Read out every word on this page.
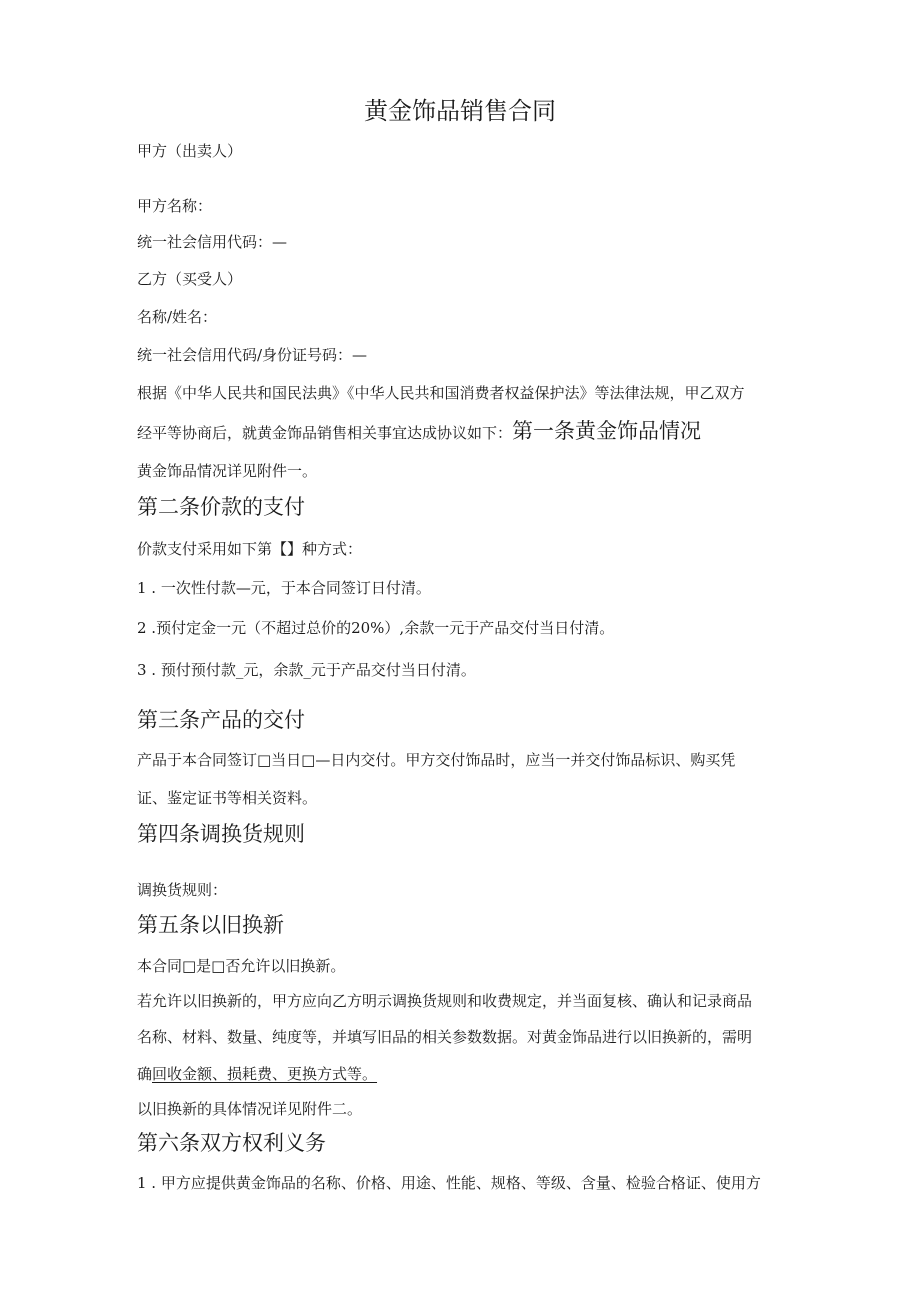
黄金饰品销售合同
甲方（出卖人）
甲方名称：
统一社会信用代码：—
乙方（买受人）
名称/姓名：
统一社会信用代码/身份证号码：—
根据《中华人民共和国民法典》《中华人民共和国消费者权益保护法》等法律法规，甲乙双方
经平等协商后，就黄金饰品销售相关事宜达成协议如下：第一条黄金饰品情况
黄金饰品情况详见附件一。
第二条价款的支付
价款支付采用如下第【】种方式：
1 . 一次性付款—元，于本合同签订日付清。
2 .预付定金一元（不超过总价的20%）,余款一元于产品交付当日付清。
3 . 预付预付款_元，余款_元于产品交付当日付清。
第三条产品的交付
产品于本合同签订□当日□—日内交付。甲方交付饰品时，应当一并交付饰品标识、购买凭
证、鉴定证书等相关资料。
第四条调换货规则
调换货规则：
第五条以旧换新
本合同□是□否允许以旧换新。
若允许以旧换新的，甲方应向乙方明示调换货规则和收费规定，并当面复核、确认和记录商品
名称、材料、数量、纯度等，并填写旧品的相关参数数据。对黄金饰品进行以旧换新的，需明
确回收金额、损耗费、更换方式等。
以旧换新的具体情况详见附件二。
第六条双方权利义务
1 . 甲方应提供黄金饰品的名称、价格、用途、性能、规格、等级、含量、检验合格证、使用方
